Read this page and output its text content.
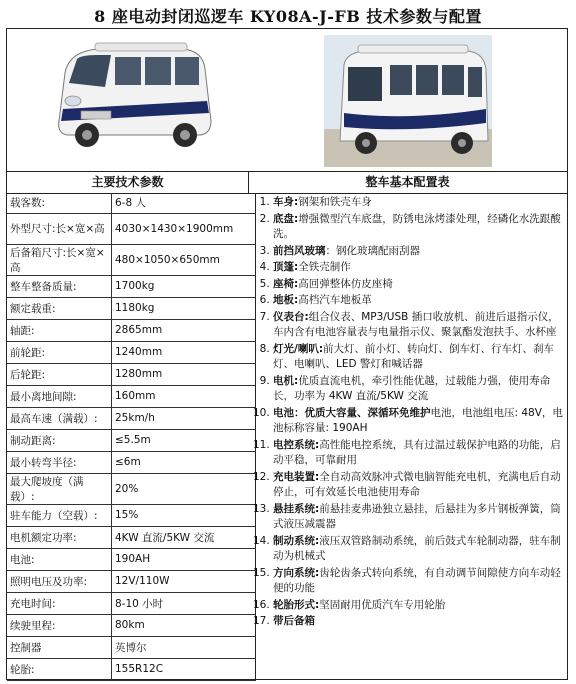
8 座电动封闭巡逻车 KY08A-J-FB 技术参数与配置
主要技术参数	整车基本配置表
载客数:	6-8 人
外型尺寸:长×宽×高	4030×1430×1900mm
后备箱尺寸:长×宽×高	480×1050×650mm
整车整备质量:	1700kg
额定载重:	1180kg
轴距:	2865mm
前轮距:	1240mm
后轮距:	1280mm
最小离地间隙:	160mm
最高车速（满载）:	25km/h
制动距离:	≤5.5m
最小转弯半径:	≤6m
最大爬坡度（满载）:	20%
驻车能力（空载）:	15%
电机额定功率:	4KW 直流/5KW 交流
电池:	190AH
照明电压及功率:	12V/110W
充电时间:	8-10 小时
续驶里程:	80km
控制器	英博尔
轮胎:	155R12C
1. 车身:钢架和铁壳车身
2. 底盘:增强微型汽车底盘，防锈电泳烤漆处理，经磷化水洗跟酸洗。
3. 前挡风玻璃：钢化玻璃配雨刮器
4. 顶篷:全铁壳制作
5. 座椅:高回弹整体仿皮座椅
6. 地板:高档汽车地板革
7. 仪表台:组合仪表、MP3/USB 插口收放机、前进后退指示仪，车内含有电池容量表与电量指示仪、聚氯酯发泡扶手、水杯座
8. 灯光/喇叭:前大灯、前小灯、转向灯、倒车灯、行车灯、刹车灯、电喇叭、LED 警灯和喊话器
9. 电机:优质直流电机，牵引性能优越，过载能力强，使用寿命长，功率为 4KW 直流/5KW 交流
10. 电池：优质大容量、深循环免维护电池，电池组电压: 48V，电池标称容量: 190AH
11. 电控系统:高性能电控系统，具有过温过载保护电路的功能，启动平稳，可靠耐用
12. 充电装置:全自动高效脉冲式微电脑智能充电机，充满电后自动停止，可有效延长电池使用寿命
13. 悬挂系统:前悬挂麦弗逊独立悬挂，后悬挂为多片钢板弹簧，筒式液压减震器
14. 制动系统:液压双管路制动系统，前后鼓式车轮制动器，驻车制动为机械式
15. 方向系统:齿轮齿条式转向系统，有自动调节间隙使方向车动轻便的功能
16. 轮胎形式:坚固耐用优质汽车专用轮胎
17. 带后备箱
